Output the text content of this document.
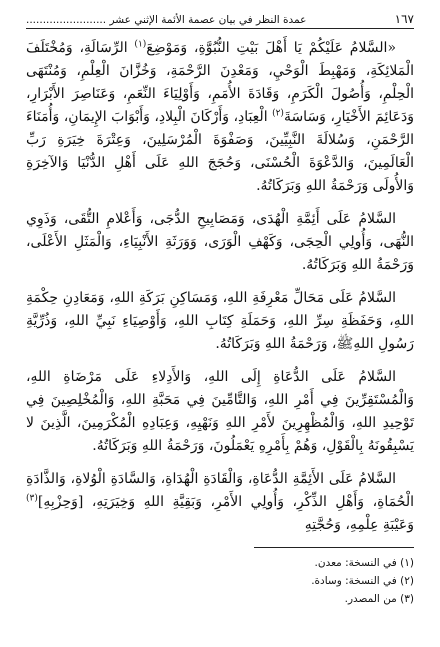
١٦٧
عمدة النظر في بيان عصمة الأئمة الإثني عشر ........................

«السَّلامُ عَلَيْكُمْ يَا أَهْلَ بَيْتِ النُّبُوَّةِ، وَمَوْضِعَ$^{(١)}$ الرِّسَالَةِ، وَمُخْتَلَفَ الْمَلائِكَةِ، وَمَهْبِطَ الْوَحْيِ، وَمَعْدِنَ الرَّحْمَةِ، وَخُزَّانَ الْعِلْمِ، وَمُنْتَهَى الْحِلْمِ، وَأُصُولَ الْكَرَمِ، وَقَادَةَ الأُمَمِ، وَأَوْلِيَاءَ النِّعَمِ، وَعَنَاصِرَ الأَبْرَارِ، وَدَعَائِمَ الأَخْيَارِ، وَسَاسَةَ$^{(٢)}$ الْعِبَادِ، وَأَرْكَانَ الْبِلادِ، وَأَبْوَابَ الإِيمَانِ، وَأُمَنَاءَ الرَّحْمَنِ، وَسُلالَةَ النَّبِيِّينَ، وَصَفْوَةَ الْمُرْسَلِينَ، وَعِتْرَةَ خِيَرَةِ رَبِّ الْعَالَمِينَ، وَالدَّعْوَةَ الْحُسْنَى، وَحُجَجَ اللهِ عَلَى أَهْلِ الدُّنْيَا وَالآخِرَةِ وَالأُولَى وَرَحْمَةُ اللهِ وَبَرَكَاتُهُ.

السَّلامُ عَلَى أَئِمَّةِ الْهُدَى، وَمَصَابِيحِ الدُّجَى، وَأَعْلامِ التُّقَى، وَذَوِي النُّهَى، وَأُولِي الْحِجَى، وَكَهْفِ الْوَرَى، وَوَرَثَةِ الأَنْبِيَاءِ، وَالْمَثَلِ الأَعْلَى، وَرَحْمَةُ اللهِ وَبَرَكَاتُهُ.

السَّلامُ عَلَى مَحَالِّ مَعْرِفَةِ اللهِ، وَمَسَاكِنِ بَرَكَةِ اللهِ، وَمَعَادِنِ حِكْمَةِ اللهِ، وَحَفَظَةِ سِرِّ اللهِ، وَحَمَلَةِ كِتَابِ اللهِ، وَأَوْصِيَاءِ نَبِيِّ اللهِ، وَذُرِّيَّةِ رَسُولِ اللهِﷺ، وَرَحْمَةُ اللهِ وَبَرَكَاتُهُ.

السَّلامُ عَلَى الدُّعَاةِ إِلَى اللهِ، وَالأَدِلاءِ عَلَى مَرْضَاةِ اللهِ، وَالْمُسْتَقِرِّينَ فِي أَمْرِ اللهِ، وَالتَّامِّينَ فِي مَحَبَّةِ اللهِ، وَالْمُخْلِصِينَ فِي تَوْحِيدِ اللهِ، وَالْمُظْهِرِينَ لأَمْرِ اللهِ وَنَهْيِهِ، وَعِبَادِهِ الْمُكْرَمِينَ، الَّذِينَ لا يَسْبِقُونَهُ بِالْقَوْلِ، وَهُمْ بِأَمْرِهِ يَعْمَلُونَ، وَرَحْمَةُ اللهِ وَبَرَكَاتُهُ.

السَّلامُ عَلَى الأَئِمَّةِ الدُّعَاةِ، وَالْقَادَةِ الْهُدَاةِ، وَالسَّادَةِ الْوُلاةِ، وَالذَّادَةِ الْحُمَاةِ، وَأَهْلِ الذِّكْرِ، وَأُولِي الأَمْرِ، وَبَقِيَّةِ اللهِ وَخِيَرَتِهِ، [وَحِزْبِهِ]$^{(٣)}$ وَعَيْبَةِ عِلْمِهِ، وَحُجَّتِهِ

(١) في النسخة: معدن.
(٢) في النسخة: وسادة.
(٣) من المصدر.
